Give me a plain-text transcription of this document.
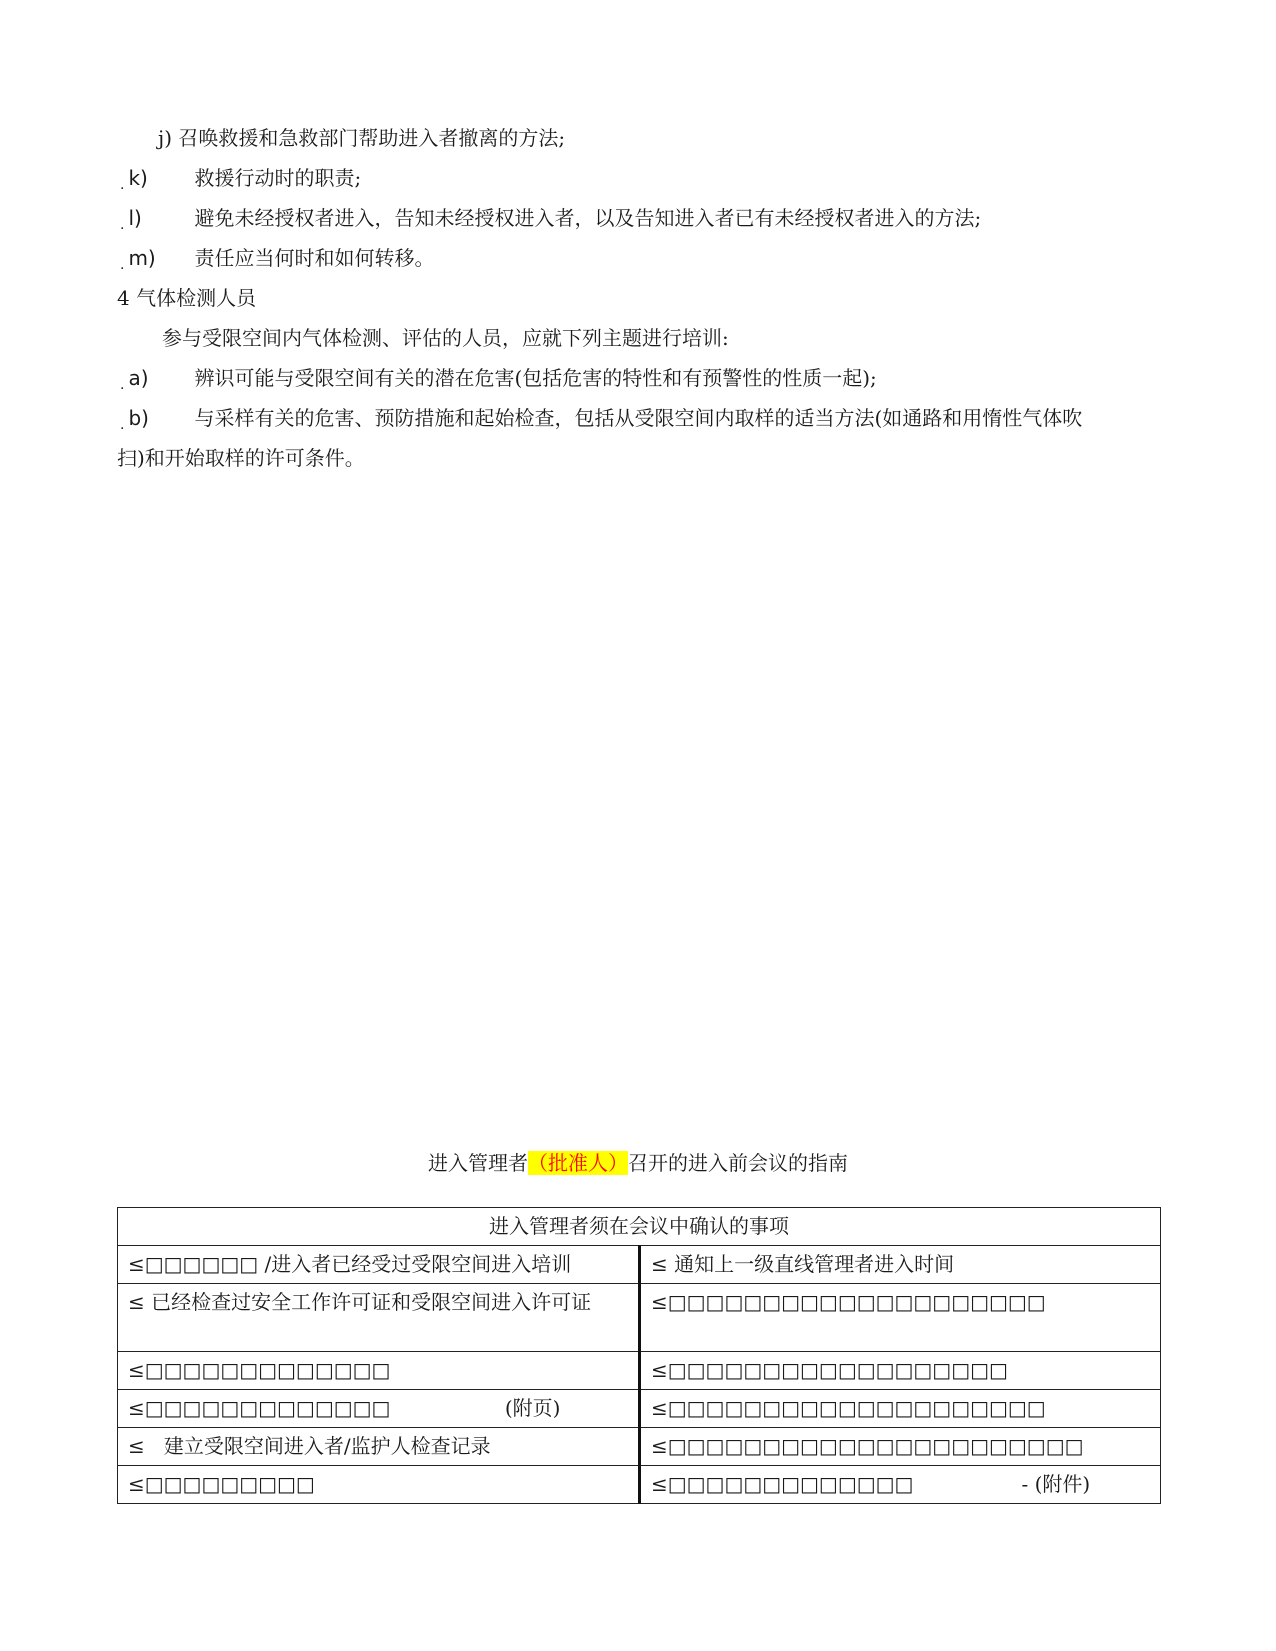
j) 召唤救援和急救部门帮助进入者撤离的方法;
$_.$ k) 救援行动时的职责;
$_.$ l)	避免未经授权者进入，告知未经授权进入者，以及告知进入者已有未经授权者进入的方法;
$_.$ m) 责任应当何时和如何转移。
4 气体检测人员
参与受限空间内气体检测、评估的人员，应就下列主题进行培训:
$_.$ a) 辨识可能与受限空间有关的潜在危害(包括危害的特性和有预警性的性质一起);
$_.$ b) 与采样有关的危害、预防措施和起始检查，包括从受限空间内取样的适当方法(如通路和用惰性气体吹
扫)和开始取样的许可条件。
进入管理者（批准人）召开的进入前会议的指南
进入管理者须在会议中确认的事项	
≤□□□□□□ /进入者已经受过受限空间进入培训	≤ 通知上一级直线管理者进入时间
≤ 已经检查过安全工作许可证和受限空间进入许可证	≤□□□□□□□□□□□□□□□□□□□□
≤□□□□□□□□□□□□□	≤□□□□□□□□□□□□□□□□□□
≤□□□□□□□□□□□□□                  (附页)	≤□□□□□□□□□□□□□□□□□□□□
≤   建立受限空间进入者/监护人检查记录	≤□□□□□□□□□□□□□□□□□□□□□□
≤□□□□□□□□□	≤□□□□□□□□□□□□□                 - (附件)
